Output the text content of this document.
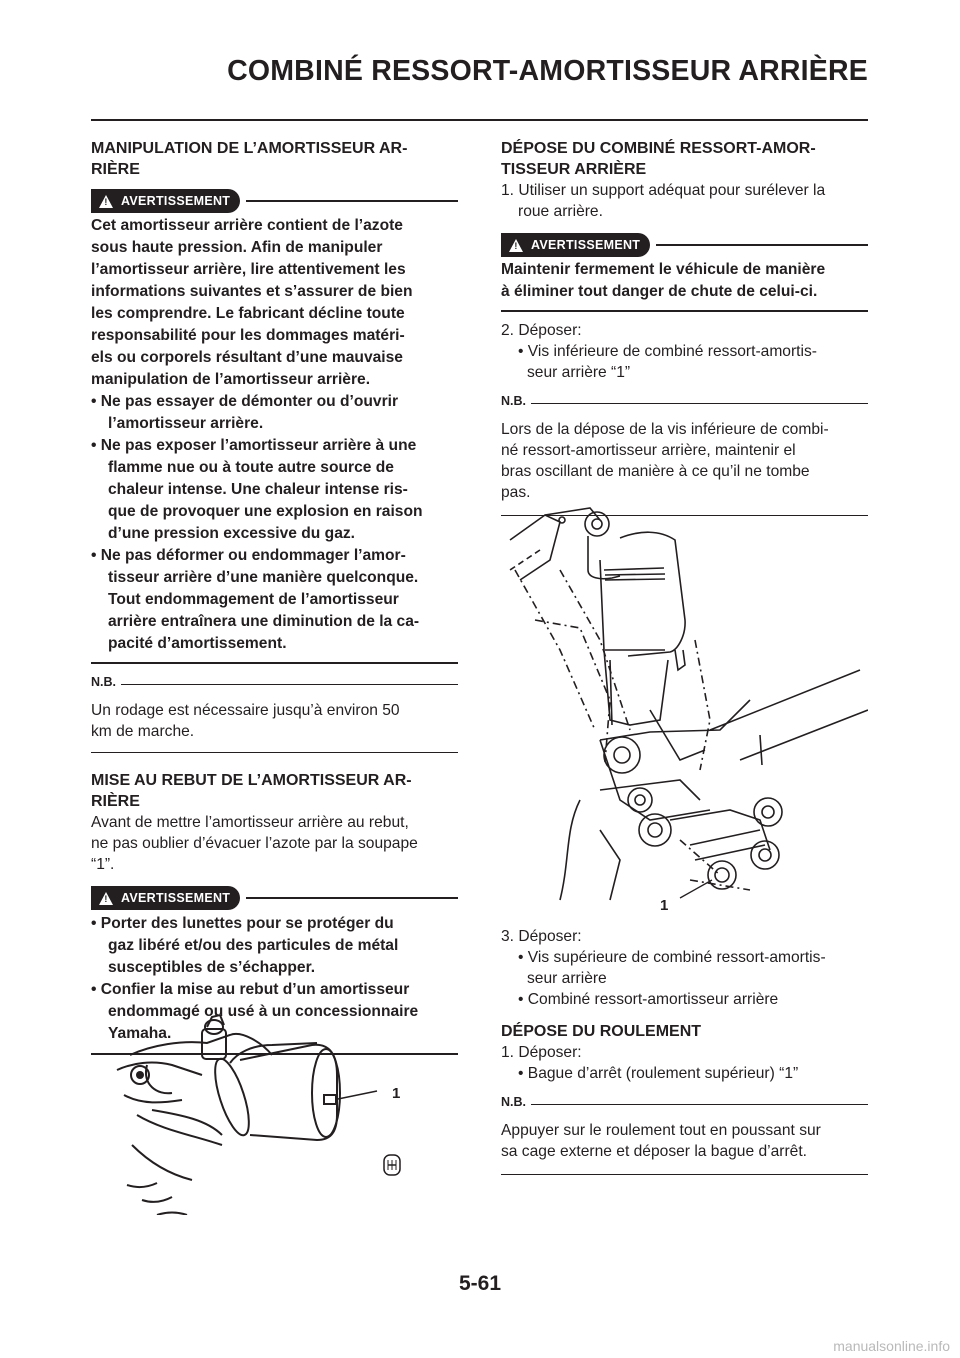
COMBINÉ RESSORT-AMORTISSEUR ARRIÈRE

MANIPULATION DE L’AMORTISSEUR AR-
RIÈRE

! AVERTISSEMENT

Cet amortisseur arrière contient de l’azote

sous haute pression. Afin de manipuler

l’amortisseur arrière, lire attentivement les

informations suivantes et s’assurer de bien

les comprendre. Le fabricant décline toute

responsabilité pour les dommages matéri-

els ou corporels résultant d’une mauvaise

manipulation de l’amortisseur arrière.

• Ne pas essayer de démonter ou d’ouvrir

l’amortisseur arrière.

• Ne pas exposer l’amortisseur arrière à une

flamme nue ou à toute autre source de

chaleur intense. Une chaleur intense ris-

que de provoquer une explosion en raison

d’une pression excessive du gaz.

• Ne pas déformer ou endommager l’amor-

tisseur arrière d’une manière quelconque.

Tout endommagement de l’amortisseur

arrière entraînera une diminution de la ca-

pacité d’amortissement.

N.B.

Un rodage est nécessaire jusqu’à environ 50

km de marche.

MISE AU REBUT DE L’AMORTISSEUR AR-
RIÈRE

Avant de mettre l’amortisseur arrière au rebut,

ne pas oublier d’évacuer l’azote par la soupape

“1”.

! AVERTISSEMENT

• Porter des lunettes pour se protéger du

gaz libéré et/ou des particules de métal

susceptibles de s’échapper.

• Confier la mise au rebut d’un amortisseur

endommagé ou usé à un concessionnaire

Yamaha.

1

DÉPOSE DU COMBINÉ RESSORT-AMOR-
TISSEUR ARRIÈRE

1. Utiliser un support adéquat pour surélever la

roue arrière.

! AVERTISSEMENT

Maintenir fermement le véhicule de manière

à éliminer tout danger de chute de celui-ci.

2. Déposer:

• Vis inférieure de combiné ressort-amortis-

seur arrière “1”

N.B.

Lors de la dépose de la vis inférieure de combi-

né ressort-amortisseur arrière, maintenir el

bras oscillant de manière à ce qu’il ne tombe

pas.

1

3. Déposer:

• Vis supérieure de combiné ressort-amortis-

seur arrière

• Combiné ressort-amortisseur arrière

DÉPOSE DU ROULEMENT

1. Déposer:

• Bague d’arrêt (roulement supérieur) “1”

N.B.

Appuyer sur le roulement tout en poussant sur

sa cage externe et déposer la bague d’arrêt.

5-61
manualsonline.info
